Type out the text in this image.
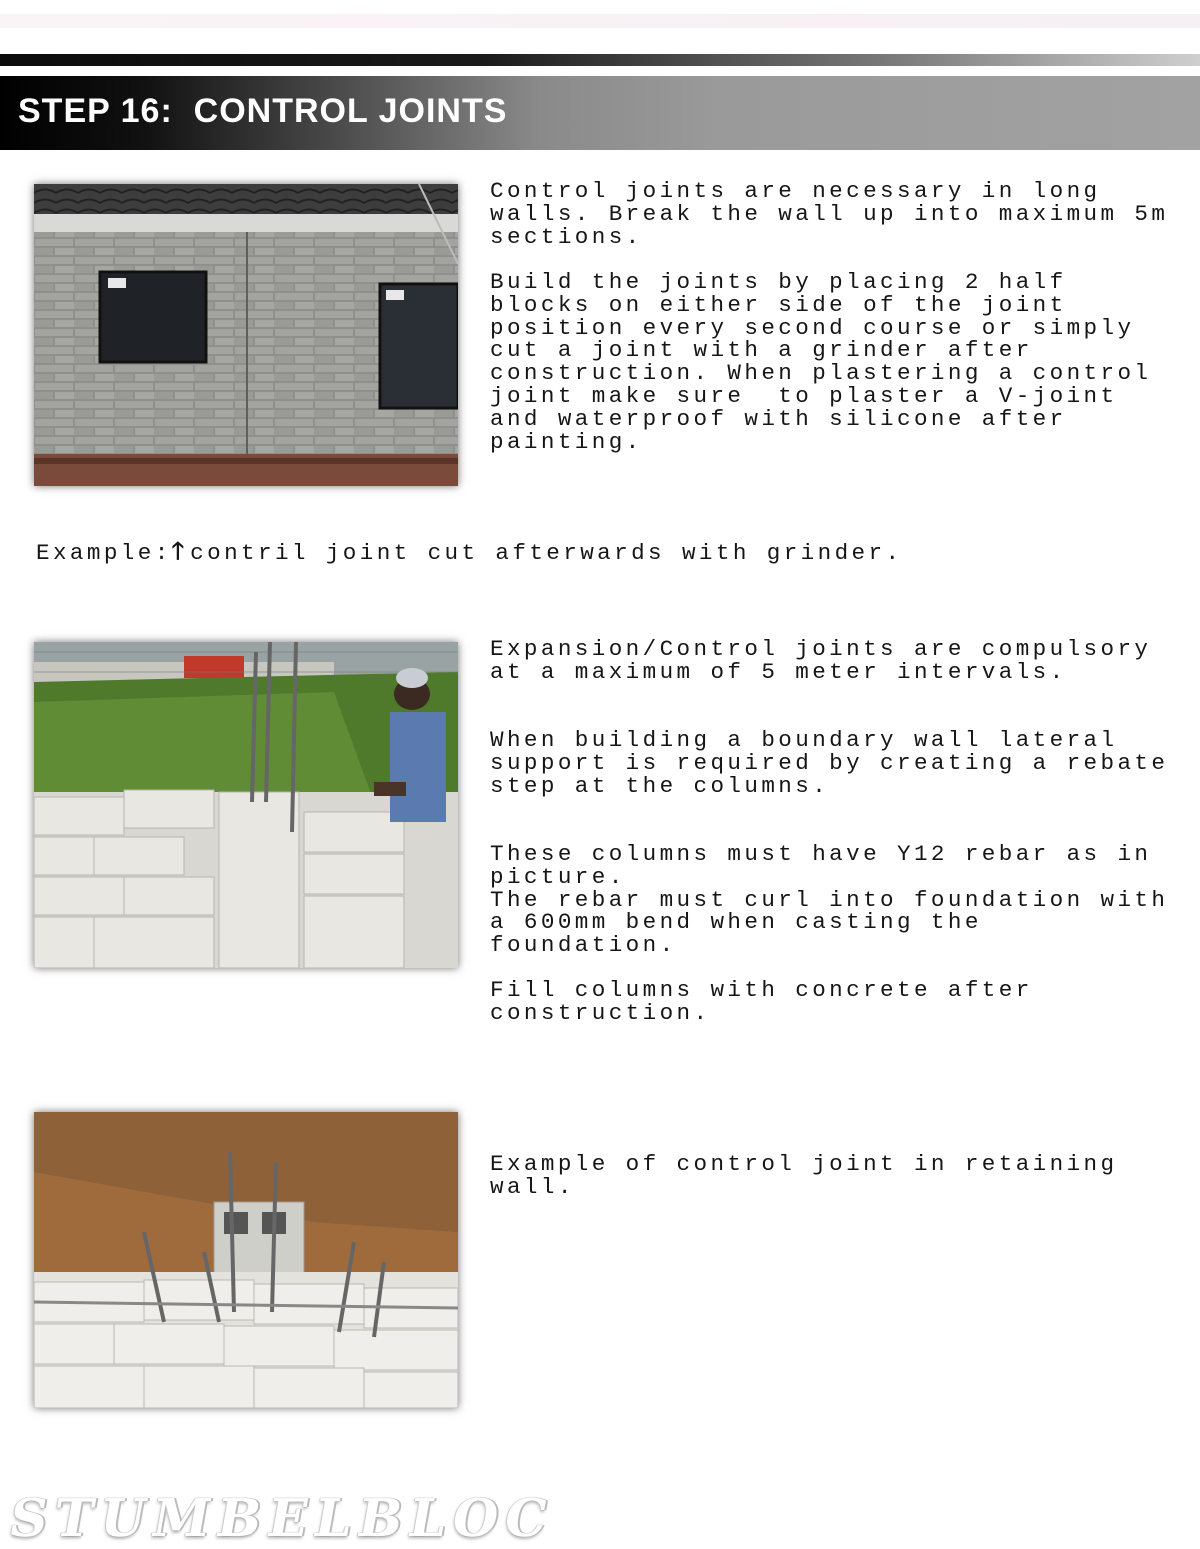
STEP 16:  CONTROL JOINTS

Control joints are necessary in long walls. Break the wall up into maximum 5m sections.

Build the joints by placing 2 half blocks on either side of the joint position every second course or simply cut a joint with a grinder after construction. When plastering a control joint make sure  to plaster a V-joint and waterproof with silicone after painting.

Example:🡑 contril joint cut afterwards with grinder.

Expansion/Control joints are compulsory at a maximum of 5 meter intervals.

When building a boundary wall lateral support is required by creating a rebate step at the columns.

These columns must have Y12 rebar as in picture.
The rebar must curl into foundation with a 600mm bend when casting the foundation.

Fill columns with concrete after construction.

Example of control joint in retaining wall.

STUMBELBLOC
